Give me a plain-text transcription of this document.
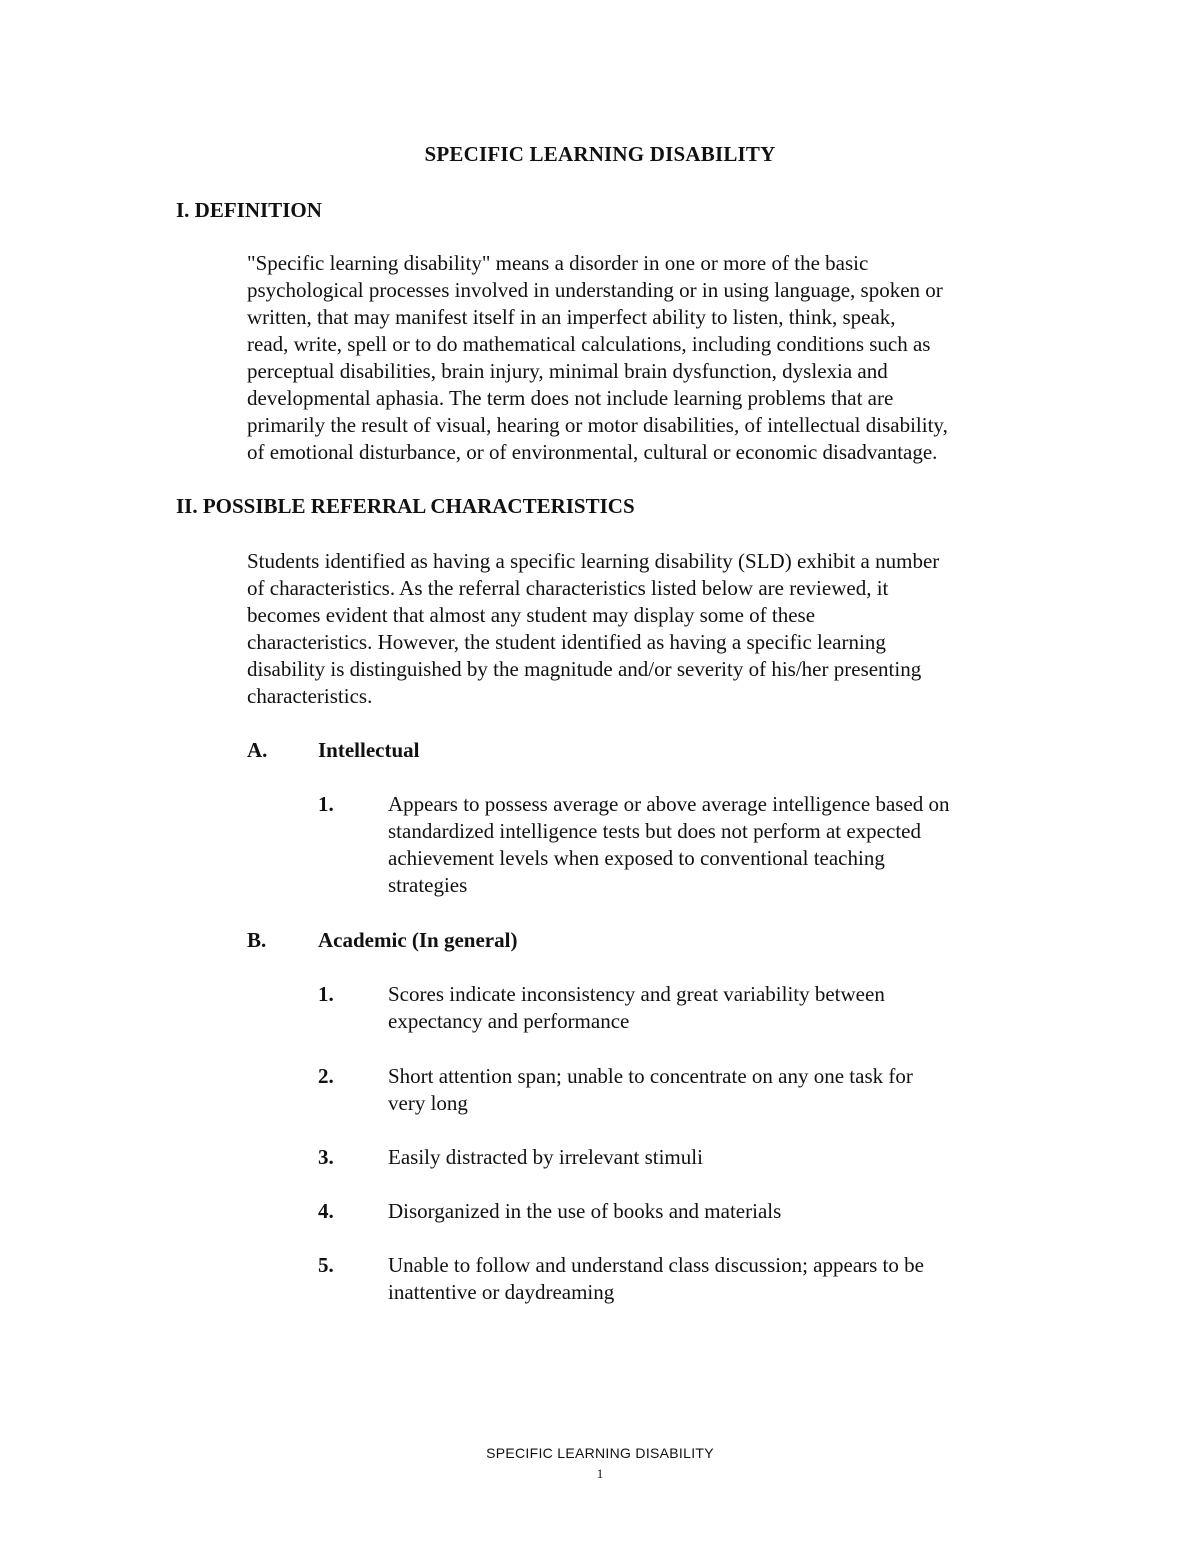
SPECIFIC LEARNING DISABILITY
I. DEFINITION
"Specific learning disability" means a disorder in one or more of the basic
psychological processes involved in understanding or in using language, spoken or
written, that may manifest itself in an imperfect ability to listen, think, speak,
read, write, spell or to do mathematical calculations, including conditions such as
perceptual disabilities, brain injury, minimal brain dysfunction, dyslexia and
developmental aphasia. The term does not include learning problems that are
primarily the result of visual, hearing or motor disabilities, of intellectual disability,
of emotional disturbance, or of environmental, cultural or economic disadvantage.
II. POSSIBLE REFERRAL CHARACTERISTICS
Students identified as having a specific learning disability (SLD) exhibit a number
of characteristics. As the referral characteristics listed below are reviewed, it
becomes evident that almost any student may display some of these
characteristics. However, the student identified as having a specific learning
disability is distinguished by the magnitude and/or severity of his/her presenting
characteristics.
A. Intellectual
1.	Appears to possess average or above average intelligence based on
standardized intelligence tests but does not perform at expected
achievement levels when exposed to conventional teaching
strategies
B. Academic (In general)
1.	Scores indicate inconsistency and great variability between
expectancy and performance
2.	Short attention span; unable to concentrate on any one task for
very long
3.	Easily distracted by irrelevant stimuli
4.	Disorganized in the use of books and materials
5.	Unable to follow and understand class discussion; appears to be
inattentive or daydreaming
SPECIFIC LEARNING DISABILITY
1
